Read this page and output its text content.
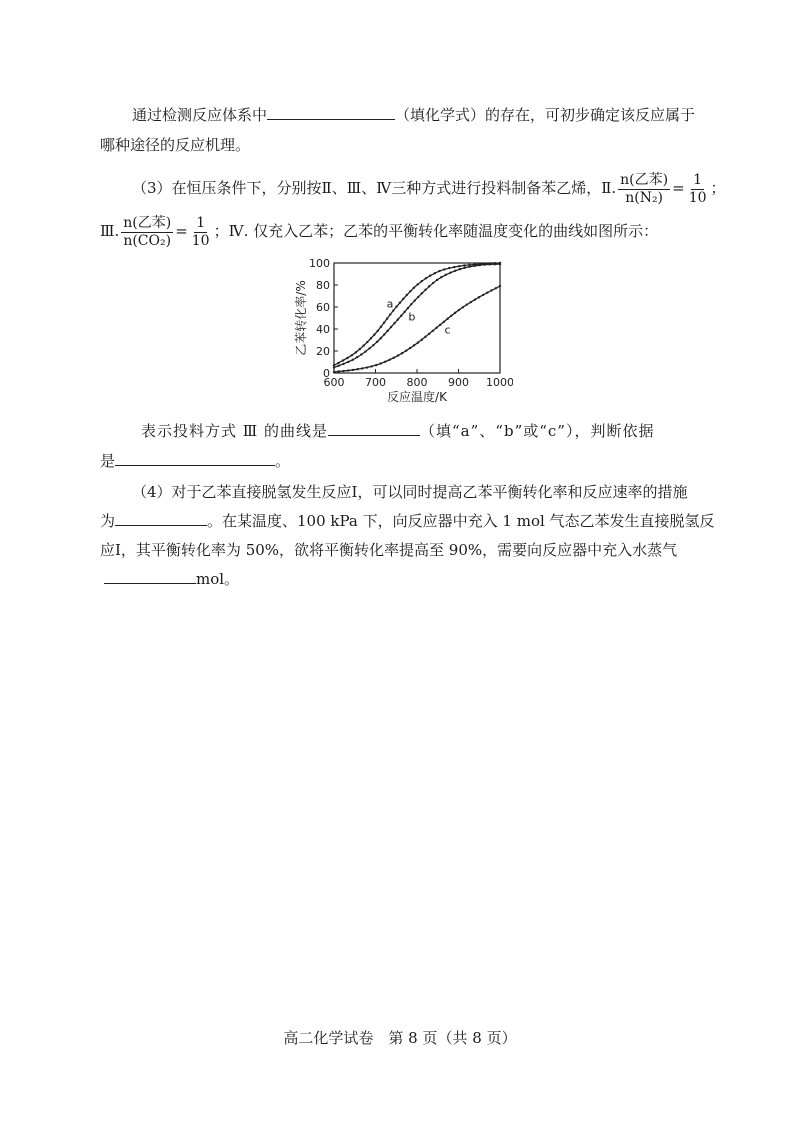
通过检测反应体系中	（填化学式）的存在，可初步确定该反应属于
哪种途径的反应机理。
（3）在恒压条件下，分别按Ⅱ、Ⅲ、Ⅳ三种方式进行投料制备苯乙烯，Ⅱ. $\frac{\text{n(乙苯)}}{\text{n(N₂)}} = \frac{1}{10}$ ；
Ⅲ. $\frac{\text{n(乙苯)}}{\text{n(CO₂)}} = \frac{1}{10}$ ；Ⅳ. 仅充入乙苯；乙苯的平衡转化率随温度变化的曲线如图所示：
乙苯转化率/%
反应温度/K
600 700 800 900 1000
0
20
40
60
80
100
a
b
c
表示投料方式 Ⅲ 的曲线是	（填“a”、“b”或“c”），判断依据
是	。
（4）对于乙苯直接脱氢发生反应Ⅰ，可以同时提高乙苯平衡转化率和反应速率的措施
为	。在某温度、100 kPa 下，向反应器中充入 1 mol 气态乙苯发生直接脱氢反
应Ⅰ，其平衡转化率为 50%，欲将平衡转化率提高至 90%，需要向反应器中充入水蒸气
mol。
高二化学试卷　第 8 页（共 8 页）
